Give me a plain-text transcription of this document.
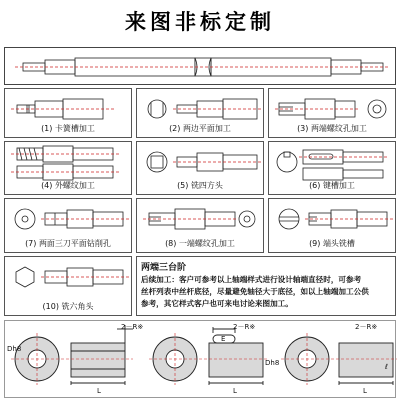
来图非标定制
(1) 卡簧槽加工	(2) 两边平面加工	(3) 两端螺纹孔加工
(4) 外螺纹加工	(5) 铣四方头	(6) 键槽加工
(7) 两面三刀平面钻削孔	(8) 一端螺纹孔加工	(9) 端头铣槽
(10) 铣六角头
两端三台阶
后续加工：客户可参考以上轴端样式进行设计轴端直径时，可参考
丝杆列表中丝杆底径，尽量避免轴径大于底径，如以上轴端加工公供
参考，其它样式客户也可来电讨论来图加工。
2－R※
L
Dh8
2－R※
E
L
Dh8
2－R※
L
ℓ
